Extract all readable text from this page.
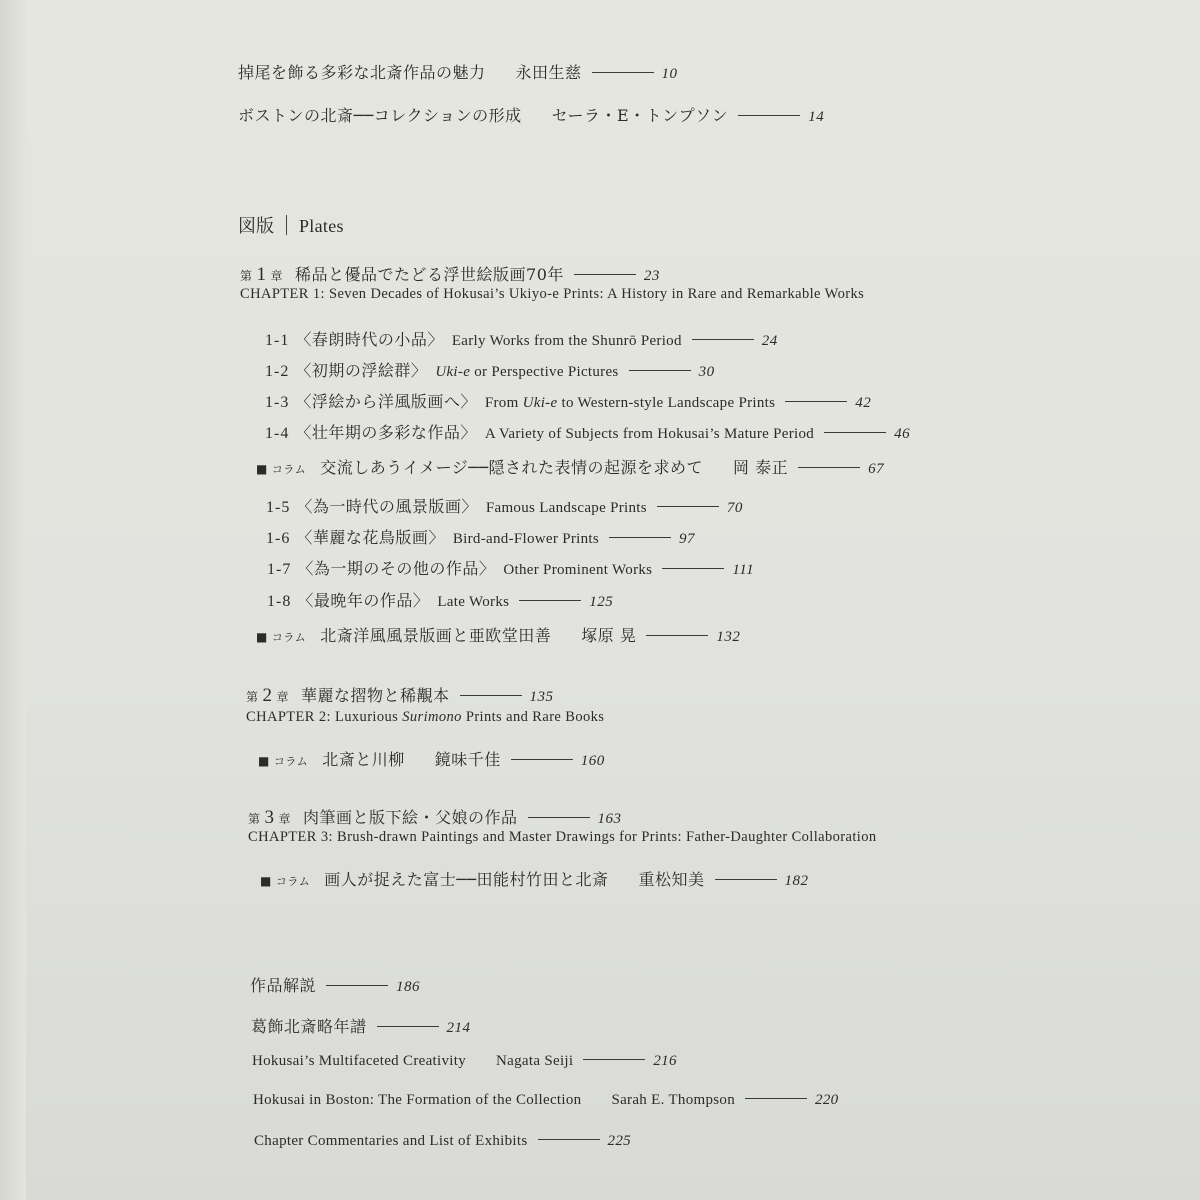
掉尾を飾る多彩な北斎作品の魅力 永田生慈	10
ボストンの北斎──コレクションの形成 セーラ・E・トンプソン	14
図版 Plates
第 1 章 稀品と優品でたどる浮世絵版画70年	23
CHAPTER 1: Seven Decades of Hokusai’s Ukiyo-e Prints: A History in Rare and Remarkable Works
1-1 〈春朗時代の小品〉 Early Works from the Shunrō Period	24
1-2 〈初期の浮絵群〉 Uki-e or Perspective Pictures	30
1-3 〈浮絵から洋風版画へ〉 From Uki-e to Western-style Landscape Prints	42
1-4 〈壮年期の多彩な作品〉 A Variety of Subjects from Hokusai’s Mature Period	46
■ コラム 交流しあうイメージ──隠された表情の起源を求めて 岡 泰正	67
1-5 〈為一時代の風景版画〉 Famous Landscape Prints	70
1-6 〈華麗な花鳥版画〉 Bird-and-Flower Prints	97
1-7 〈為一期のその他の作品〉 Other Prominent Works	111
1-8 〈最晩年の作品〉 Late Works	125
■ コラム 北斎洋風風景版画と亜欧堂田善 塚原 晃	132
第 2 章 華麗な摺物と稀覯本	135
CHAPTER 2: Luxurious Surimono Prints and Rare Books
■ コラム 北斎と川柳 鏡味千佳	160
第 3 章 肉筆画と版下絵・父娘の作品	163
CHAPTER 3: Brush-drawn Paintings and Master Drawings for Prints: Father-Daughter Collaboration
■ コラム 画人が捉えた富士──田能村竹田と北斎 重松知美	182
作品解説	186
葛飾北斎略年譜	214
Hokusai’s Multifaceted Creativity Nagata Seiji	216
Hokusai in Boston: The Formation of the Collection Sarah E. Thompson	220
Chapter Commentaries and List of Exhibits	225
